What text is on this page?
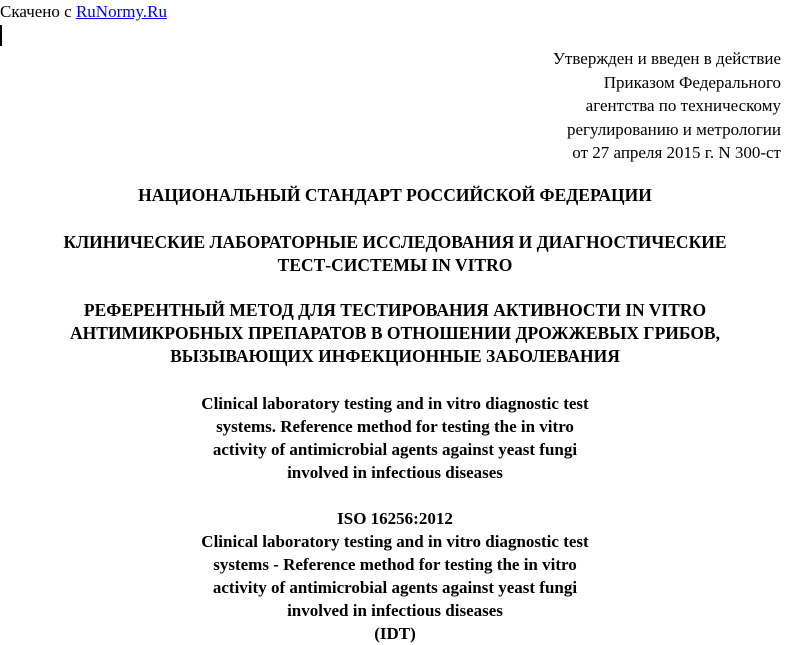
Скачено с RuNormy.Ru
Утвержден и введен в действие
Приказом Федерального
агентства по техническому
регулированию и метрологии
от 27 апреля 2015 г. N 300-ст
НАЦИОНАЛЬНЫЙ СТАНДАРТ РОССИЙСКОЙ ФЕДЕРАЦИИ
КЛИНИЧЕСКИЕ ЛАБОРАТОРНЫЕ ИССЛЕДОВАНИЯ И ДИАГНОСТИЧЕСКИЕ
ТЕСТ-СИСТЕМЫ IN VITRO
РЕФЕРЕНТНЫЙ МЕТОД ДЛЯ ТЕСТИРОВАНИЯ АКТИВНОСТИ IN VITRO
АНТИМИКРОБНЫХ ПРЕПАРАТОВ В ОТНОШЕНИИ ДРОЖЖЕВЫХ ГРИБОВ,
ВЫЗЫВАЮЩИХ ИНФЕКЦИОННЫЕ ЗАБОЛЕВАНИЯ
Clinical laboratory testing and in vitro diagnostic test
systems. Reference method for testing the in vitro
activity of antimicrobial agents against yeast fungi
involved in infectious diseases
ISO 16256:2012
Clinical laboratory testing and in vitro diagnostic test
systems - Reference method for testing the in vitro
activity of antimicrobial agents against yeast fungi
involved in infectious diseases
(IDT)
